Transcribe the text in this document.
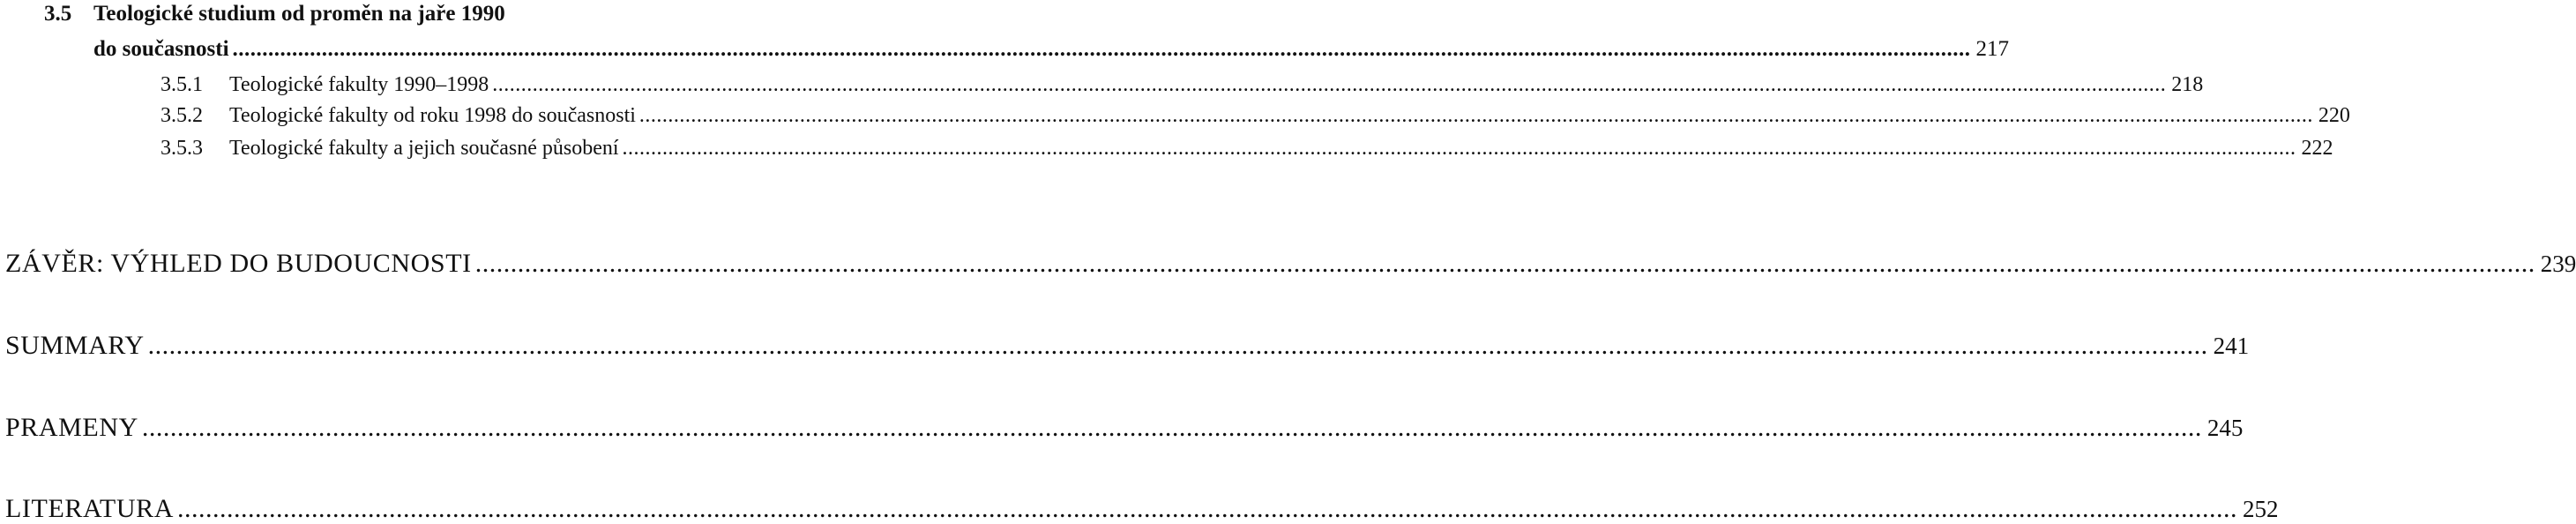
3.5 Teologické studium od proměn na jaře 1990
do současnosti .....	217
3.5.1	Teologické fakulty 1990–1998 .....	218
3.5.2	Teologické fakulty od roku 1998 do současnosti .....	220
3.5.3	Teologické fakulty a jejich současné působení .....	222
ZÁVĚR: VÝHLED DO BUDOUCNOSTI .....	239
SUMMARY .....	241
PRAMENY .....	245
LITERATURA .....	252
